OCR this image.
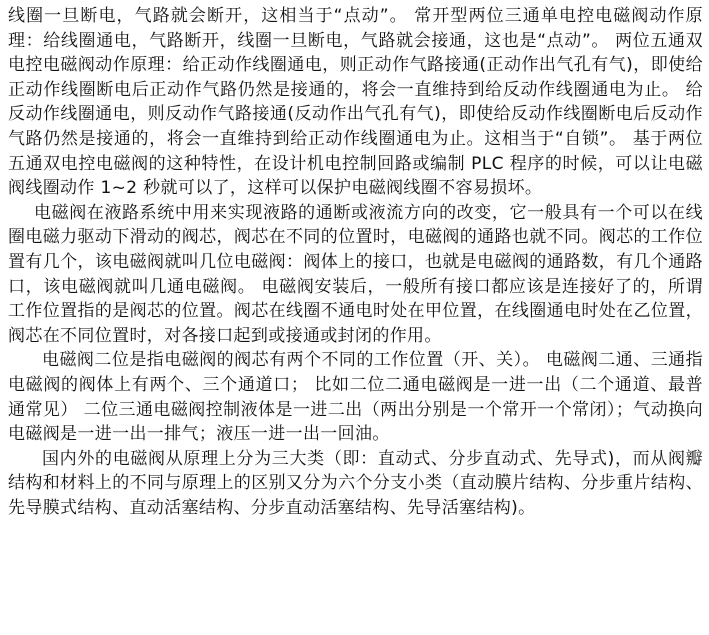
线圈一旦断电，气路就会断开，这相当于“点动”。 常开型两位三通单电控电磁阀动作原理：给线圈通电，气路断开，线圈一旦断电，气路就会接通，这也是“点动”。 两位五通双电控电磁阀动作原理：给正动作线圈通电，则正动作气路接通(正动作出气孔有气)，即使给正动作线圈断电后正动作气路仍然是接通的，将会一直维持到给反动作线圈通电为止。 给反动作线圈通电，则反动作气路接通(反动作出气孔有气)，即使给反动作线圈断电后反动作气路仍然是接通的，将会一直维持到给正动作线圈通电为止。这相当于“自锁”。 基于两位五通双电控电磁阀的这种特性，在设计机电控制回路或编制 PLC 程序的时候，可以让电磁阀线圈动作 1~2 秒就可以了，这样可以保护电磁阀线圈不容易损坏。

电磁阀在液路系统中用来实现液路的通断或液流方向的改变，它一般具有一个可以在线圈电磁力驱动下滑动的阀芯，阀芯在不同的位置时，电磁阀的通路也就不同。阀芯的工作位置有几个，该电磁阀就叫几位电磁阀：阀体上的接口，也就是电磁阀的通路数，有几个通路口，该电磁阀就叫几通电磁阀。 电磁阀安装后，一般所有接口都应该是连接好了的，所谓工作位置指的是阀芯的位置。阀芯在线圈不通电时处在甲位置，在线圈通电时处在乙位置，阀芯在不同位置时，对各接口起到或接通或封闭的作用。

电磁阀二位是指电磁阀的阀芯有两个不同的工作位置（开、关）。 电磁阀二通、三通指电磁阀的阀体上有两个、三个通道口； 比如二位二通电磁阀是一进一出（二个通道、最普通常见） 二位三通电磁阀控制液体是一进二出（两出分别是一个常开一个常闭）；气动换向电磁阀是一进一出一排气；液压一进一出一回油。

国内外的电磁阀从原理上分为三大类（即：直动式、分步直动式、先导式)，而从阀瓣结构和材料上的不同与原理上的区别又分为六个分支小类（直动膜片结构、分步重片结构、先导膜式结构、直动活塞结构、分步直动活塞结构、先导活塞结构)。
